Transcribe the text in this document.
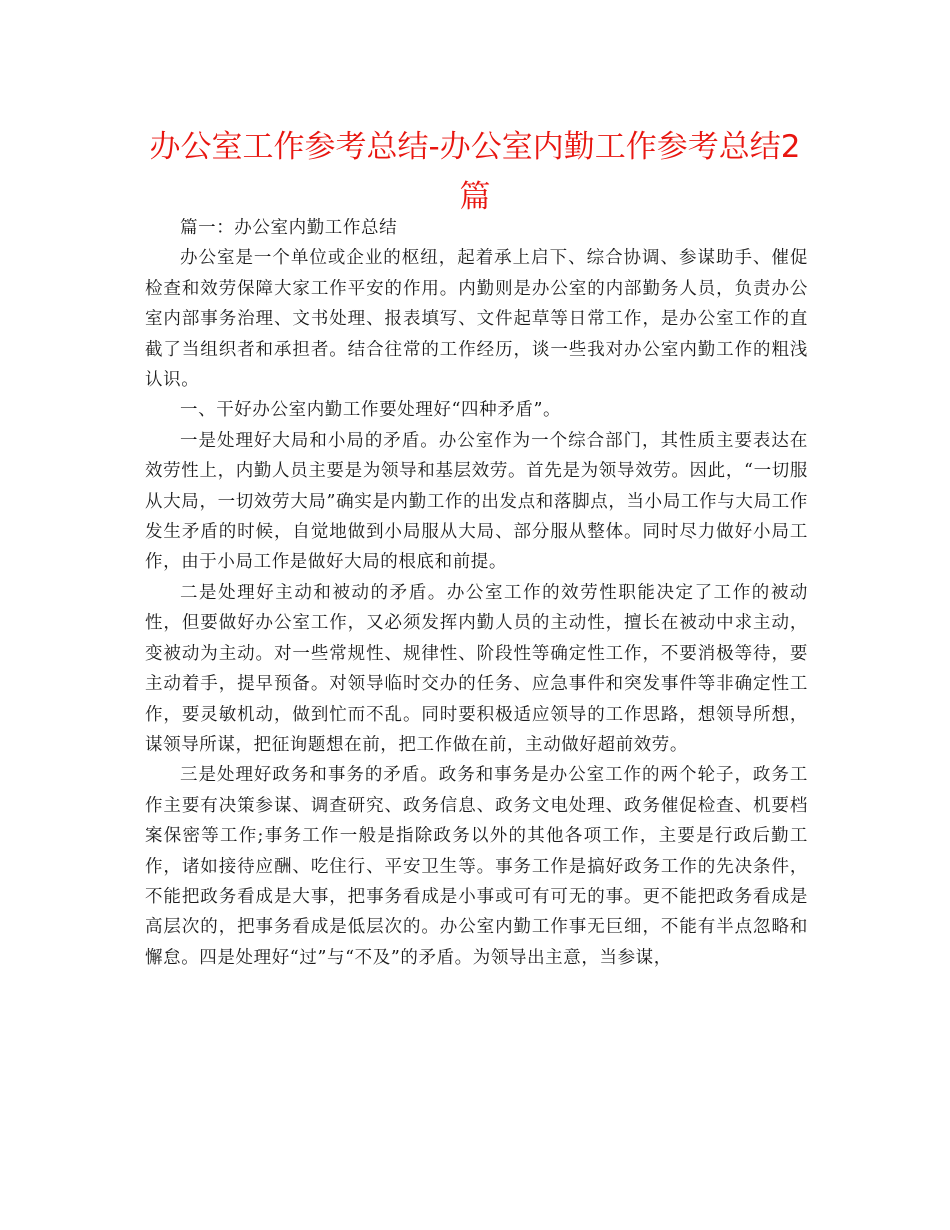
办公室工作参考总结-办公室内勤工作参考总结2篇

篇一：办公室内勤工作总结

办公室是一个单位或企业的枢纽，起着承上启下、综合协调、参谋助手、催促检查和效劳保障大家工作平安的作用。内勤则是办公室的内部勤务人员，负责办公室内部事务治理、文书处理、报表填写、文件起草等日常工作，是办公室工作的直截了当组织者和承担者。结合往常的工作经历，谈一些我对办公室内勤工作的粗浅认识。

一、干好办公室内勤工作要处理好“四种矛盾”。

一是处理好大局和小局的矛盾。办公室作为一个综合部门，其性质主要表达在效劳性上，内勤人员主要是为领导和基层效劳。首先是为领导效劳。因此，“一切服从大局，一切效劳大局”确实是内勤工作的出发点和落脚点，当小局工作与大局工作发生矛盾的时候，自觉地做到小局服从大局、部分服从整体。同时尽力做好小局工作，由于小局工作是做好大局的根底和前提。

二是处理好主动和被动的矛盾。办公室工作的效劳性职能决定了工作的被动性，但要做好办公室工作，又必须发挥内勤人员的主动性，擅长在被动中求主动，变被动为主动。对一些常规性、规律性、阶段性等确定性工作，不要消极等待，要主动着手，提早预备。对领导临时交办的任务、应急事件和突发事件等非确定性工作，要灵敏机动，做到忙而不乱。同时要积极适应领导的工作思路，想领导所想，谋领导所谋，把征询题想在前，把工作做在前，主动做好超前效劳。

三是处理好政务和事务的矛盾。政务和事务是办公室工作的两个轮子，政务工作主要有决策参谋、调查研究、政务信息、政务文电处理、政务催促检查、机要档案保密等工作;事务工作一般是指除政务以外的其他各项工作，主要是行政后勤工作，诸如接待应酬、吃住行、平安卫生等。事务工作是搞好政务工作的先决条件，不能把政务看成是大事，把事务看成是小事或可有可无的事。更不能把政务看成是高层次的，把事务看成是低层次的。办公室内勤工作事无巨细，不能有半点忽略和懈怠。四是处理好“过”与“不及”的矛盾。为领导出主意，当参谋，
